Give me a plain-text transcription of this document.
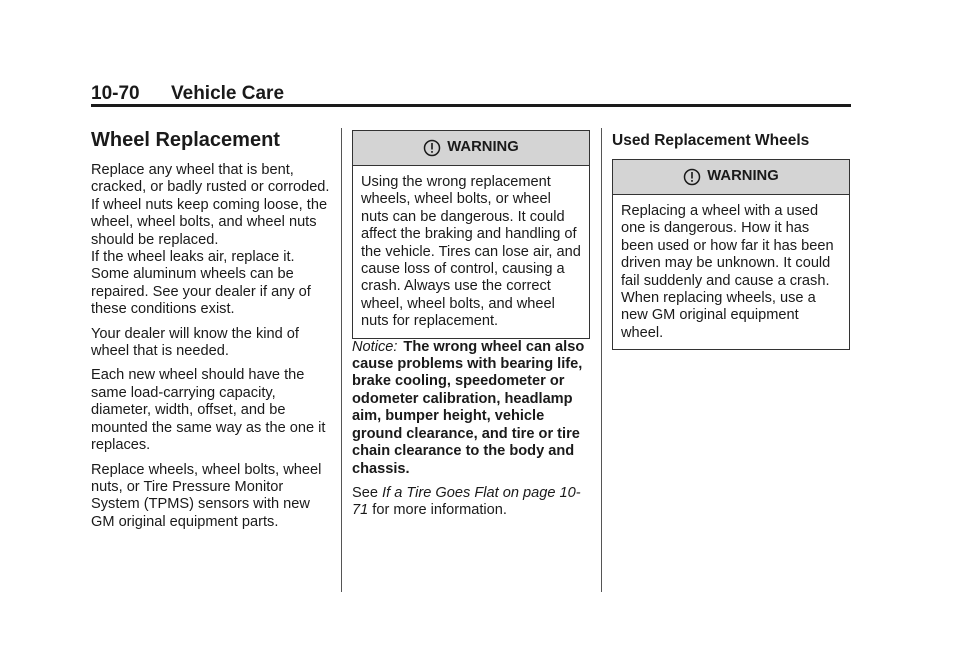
10-70 Vehicle Care
Wheel Replacement

Replace any wheel that is bent, cracked, or badly rusted or corroded. If wheel nuts keep coming loose, the wheel, wheel bolts, and wheel nuts should be replaced.

If the wheel leaks air, replace it. Some aluminum wheels can be repaired. See your dealer if any of these conditions exist.

Your dealer will know the kind of wheel that is needed.

Each new wheel should have the same load-carrying capacity, diameter, width, offset, and be mounted the same way as the one it replaces.

Replace wheels, wheel bolts, wheel nuts, or Tire Pressure Monitor System (TPMS) sensors with new GM original equipment parts.

WARNING
Using the wrong replacement wheels, wheel bolts, or wheel nuts can be dangerous. It could affect the braking and handling of the vehicle. Tires can lose air, and cause loss of control, causing a crash. Always use the correct wheel, wheel bolts, and wheel nuts for replacement.

Notice: The wrong wheel can also cause problems with bearing life, brake cooling, speedometer or odometer calibration, headlamp aim, bumper height, vehicle ground clearance, and tire or tire chain clearance to the body and chassis.

See If a Tire Goes Flat on page 10-71 for more information.

Used Replacement Wheels
WARNING
Replacing a wheel with a used one is dangerous. How it has been used or how far it has been driven may be unknown. It could fail suddenly and cause a crash. When replacing wheels, use a new GM original equipment wheel.
